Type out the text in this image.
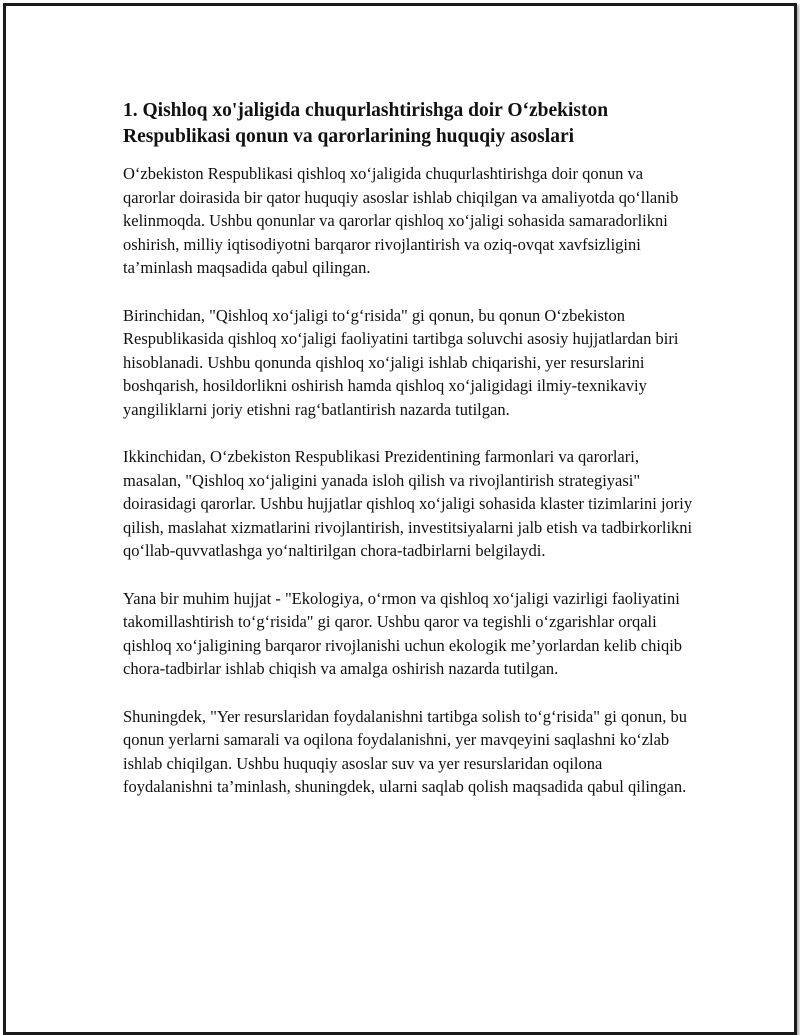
1. Qishloq xo'jaligida chuqurlashtirishga doir O‘zbekiston Respublikasi qonun va qarorlarining huquqiy asoslari

O‘zbekiston Respublikasi qishloq xo‘jaligida chuqurlashtirishga doir qonun va qarorlar doirasida bir qator huquqiy asoslar ishlab chiqilgan va amaliyotda qo‘llanib kelinmoqda. Ushbu qonunlar va qarorlar qishloq xo‘jaligi sohasida samaradorlikni oshirish, milliy iqtisodiyotni barqaror rivojlantirish va oziq-ovqat xavfsizligini ta’minlash maqsadida qabul qilingan.

Birinchidan, "Qishloq xo‘jaligi to‘g‘risida" gi qonun, bu qonun O‘zbekiston Respublikasida qishloq xo‘jaligi faoliyatini tartibga soluvchi asosiy hujjatlardan biri hisoblanadi. Ushbu qonunda qishloq xo‘jaligi ishlab chiqarishi, yer resurslarini boshqarish, hosildorlikni oshirish hamda qishloq xo‘jaligidagi ilmiy-texnikaviy yangiliklarni joriy etishni rag‘batlantirish nazarda tutilgan.

Ikkinchidan, O‘zbekiston Respublikasi Prezidentining farmonlari va qarorlari, masalan, "Qishloq xo‘jaligini yanada isloh qilish va rivojlantirish strategiyasi" doirasidagi qarorlar. Ushbu hujjatlar qishloq xo‘jaligi sohasida klaster tizimlarini joriy qilish, maslahat xizmatlarini rivojlantirish, investitsiyalarni jalb etish va tadbirkorlikni qo‘llab-quvvatlashga yo‘naltirilgan chora-tadbirlarni belgilaydi.

Yana bir muhim hujjat - "Ekologiya, o‘rmon va qishloq xo‘jaligi vazirligi faoliyatini takomillashtirish to‘g‘risida" gi qaror. Ushbu qaror va tegishli o‘zgarishlar orqali qishloq xo‘jaligining barqaror rivojlanishi uchun ekologik me’yorlardan kelib chiqib chora-tadbirlar ishlab chiqish va amalga oshirish nazarda tutilgan.

Shuningdek, "Yer resurslaridan foydalanishni tartibga solish to‘g‘risida" gi qonun, bu qonun yerlarni samarali va oqilona foydalanishni, yer mavqeyini saqlashni ko‘zlab ishlab chiqilgan. Ushbu huquqiy asoslar suv va yer resurslaridan oqilona foydalanishni ta’minlash, shuningdek, ularni saqlab qolish maqsadida qabul qilingan.
